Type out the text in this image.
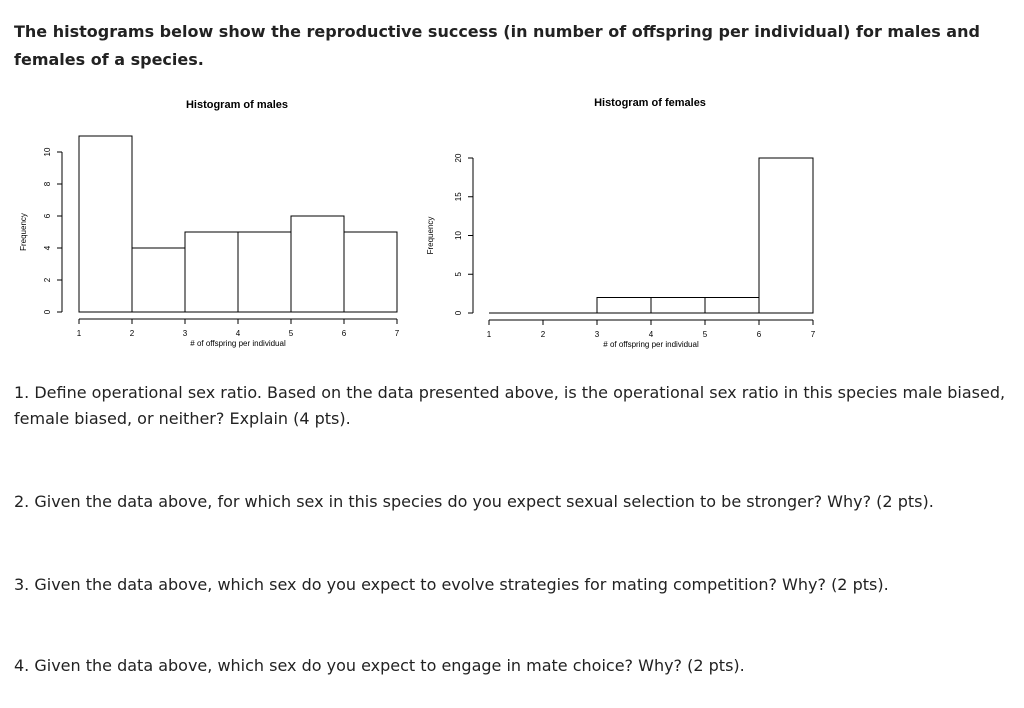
The histograms below show the reproductive success (in number of offspring per individual) for males and females of a species.
Histogram of males
Frequency
0
2
4
6
8
10
1	2	3	4	5	6	7
# of offspring per individual
Histogram of females
Frequency
0
5
10
15
20
1	2	3	4	5	6	7
# of offspring per individual
1. Define operational sex ratio. Based on the data presented above, is the operational sex ratio in this species male biased, female biased, or neither? Explain (4 pts).
2. Given the data above, for which sex in this species do you expect sexual selection to be stronger? Why? (2 pts).
3. Given the data above, which sex do you expect to evolve strategies for mating competition? Why? (2 pts).
4. Given the data above, which sex do you expect to engage in mate choice? Why? (2 pts).
